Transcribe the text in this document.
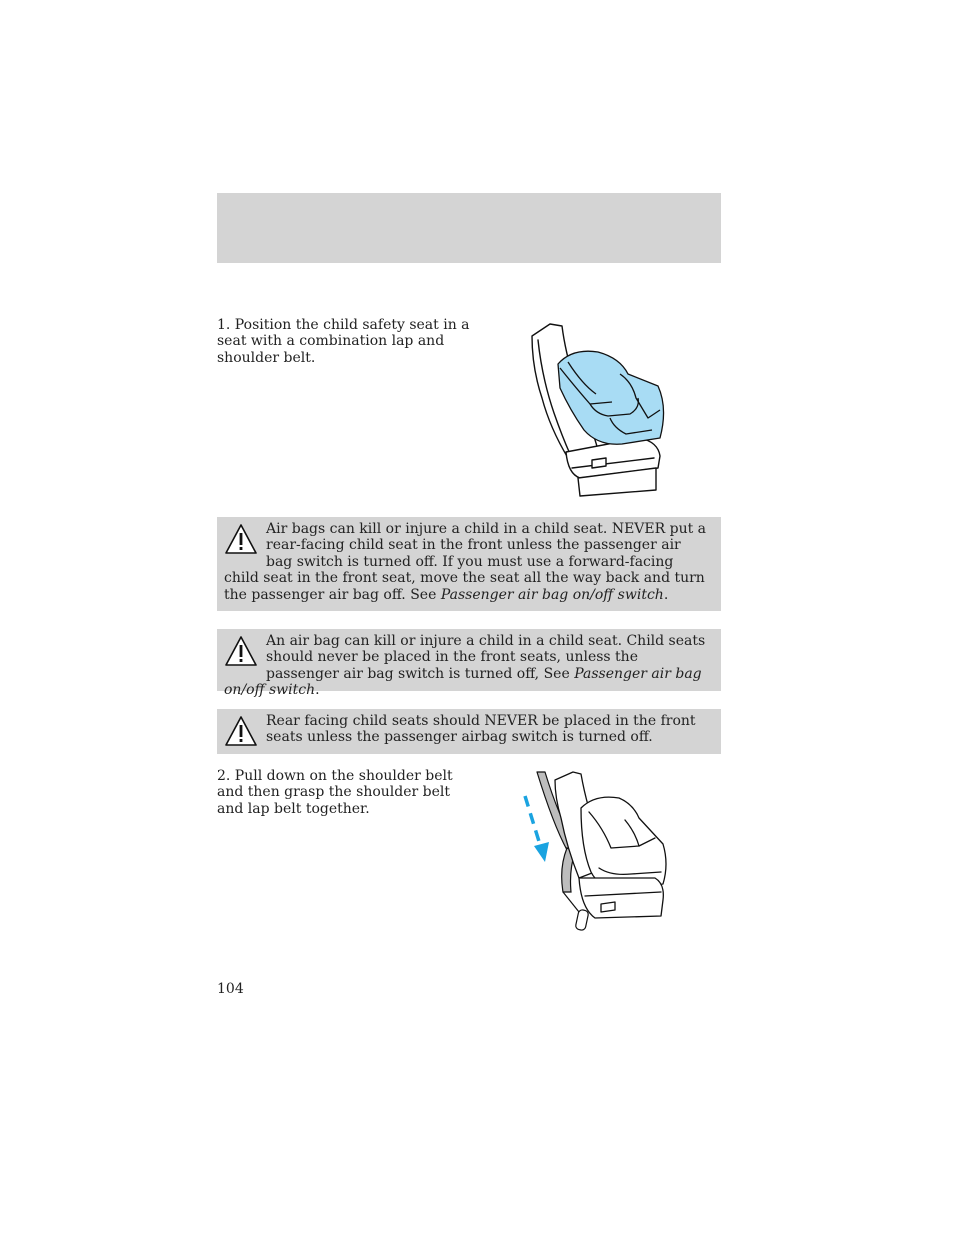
1. Position the child safety seat in a seat with a combination lap and shoulder belt.
Air bags can kill or injure a child in a child seat. NEVER put a rear-facing child seat in the front unless the passenger air bag switch is turned off. If you must use a forward-facing child seat in the front seat, move the seat all the way back and turn the passenger air bag off. See Passenger air bag on/off switch.
An air bag can kill or injure a child in a child seat. Child seats should never be placed in the front seats, unless the passenger air bag switch is turned off, See Passenger air bag on/off switch.
Rear facing child seats should NEVER be placed in the front seats unless the passenger airbag switch is turned off.
2. Pull down on the shoulder belt and then grasp the shoulder belt and lap belt together.
104
